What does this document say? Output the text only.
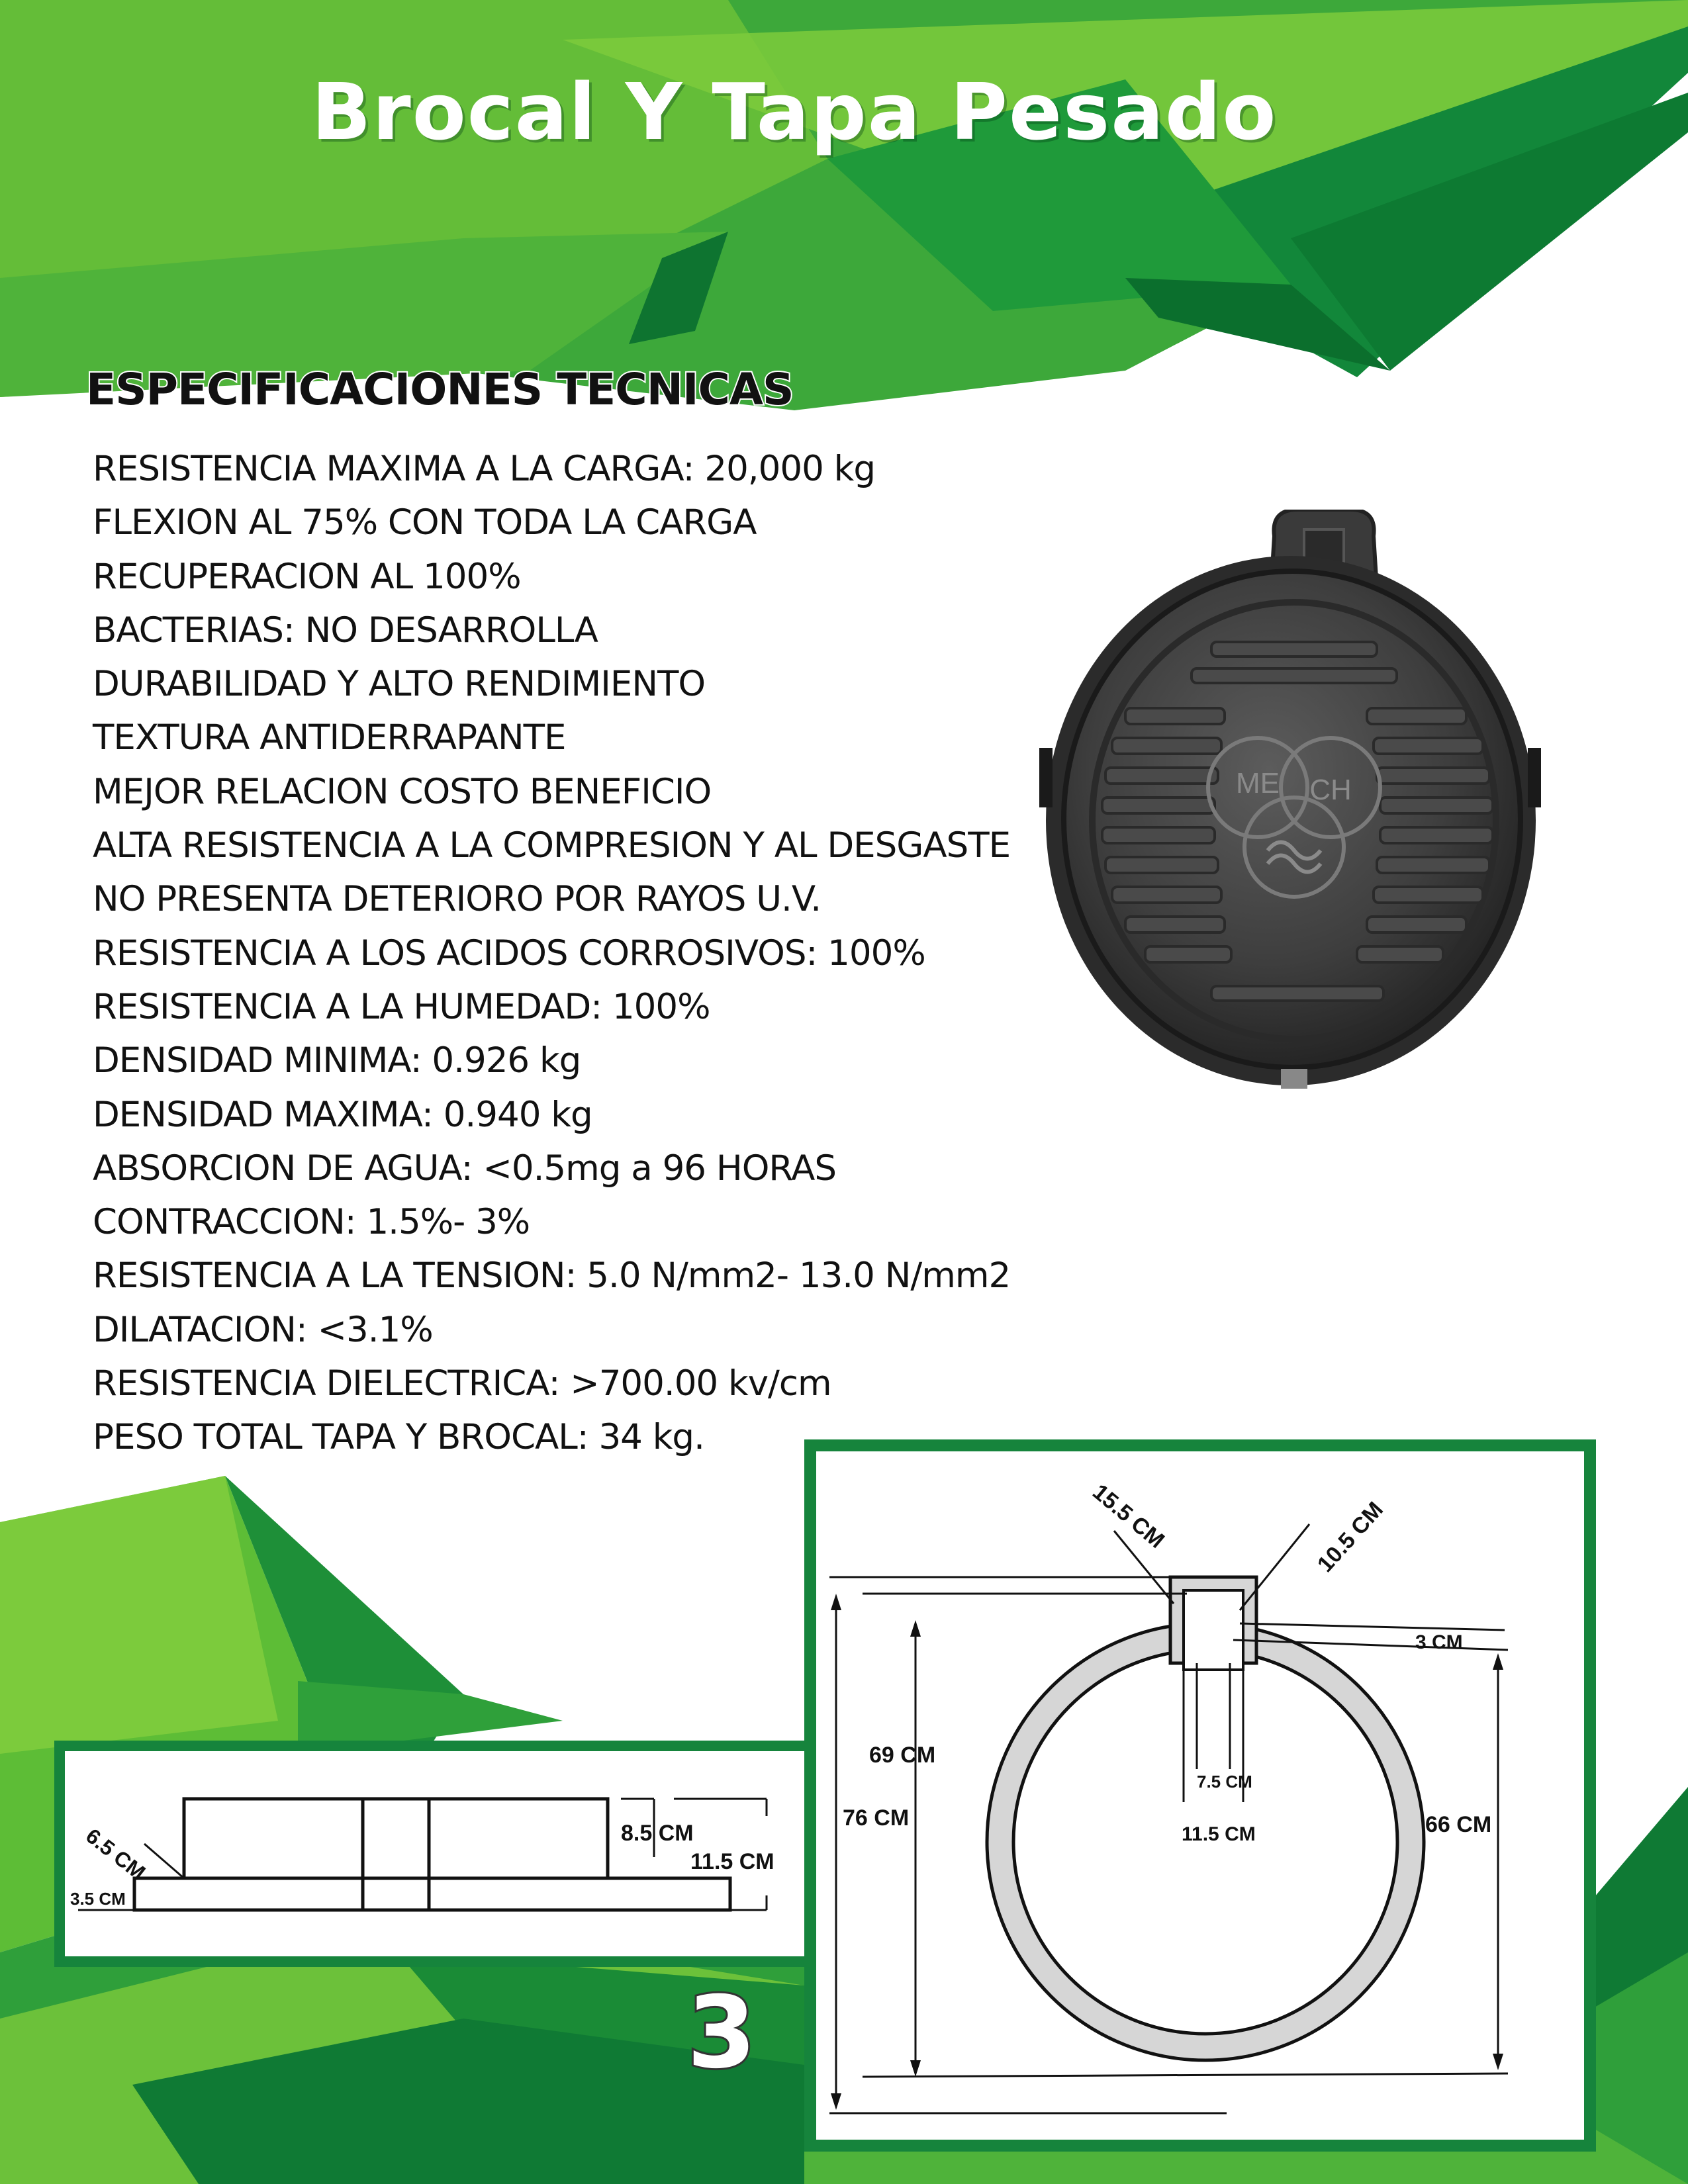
Brocal Y Tapa Pesado
ESPECIFICACIONES TECNICAS
RESISTENCIA MAXIMA A LA CARGA: 20,000 kg
FLEXION AL 75% CON TODA LA CARGA
RECUPERACION AL 100%
BACTERIAS: NO DESARROLLA
DURABILIDAD Y ALTO RENDIMIENTO
TEXTURA ANTIDERRAPANTE
MEJOR RELACION COSTO BENEFICIO
ALTA RESISTENCIA A LA COMPRESION Y AL DESGASTE
NO PRESENTA DETERIORO POR RAYOS U.V.
RESISTENCIA A LOS ACIDOS CORROSIVOS: 100%
RESISTENCIA A LA HUMEDAD: 100%
DENSIDAD MINIMA: 0.926 kg
DENSIDAD MAXIMA: 0.940 kg
ABSORCION DE AGUA: <0.5mg a 96 HORAS
CONTRACCION: 1.5%- 3%
RESISTENCIA A LA TENSION: 5.0 N/mm2- 13.0 N/mm2
DILATACION: <3.1%
RESISTENCIA DIELECTRICA: >700.00 kv/cm
PESO TOTAL TAPA Y BROCAL: 34 kg.
ME CH
6.5 CM
3.5 CM
8.5 CM
11.5 CM
15.5 CM	10.5 CM
3 CM
69 CM
76 CM	66 CM
7.5 CM
11.5 CM
3
